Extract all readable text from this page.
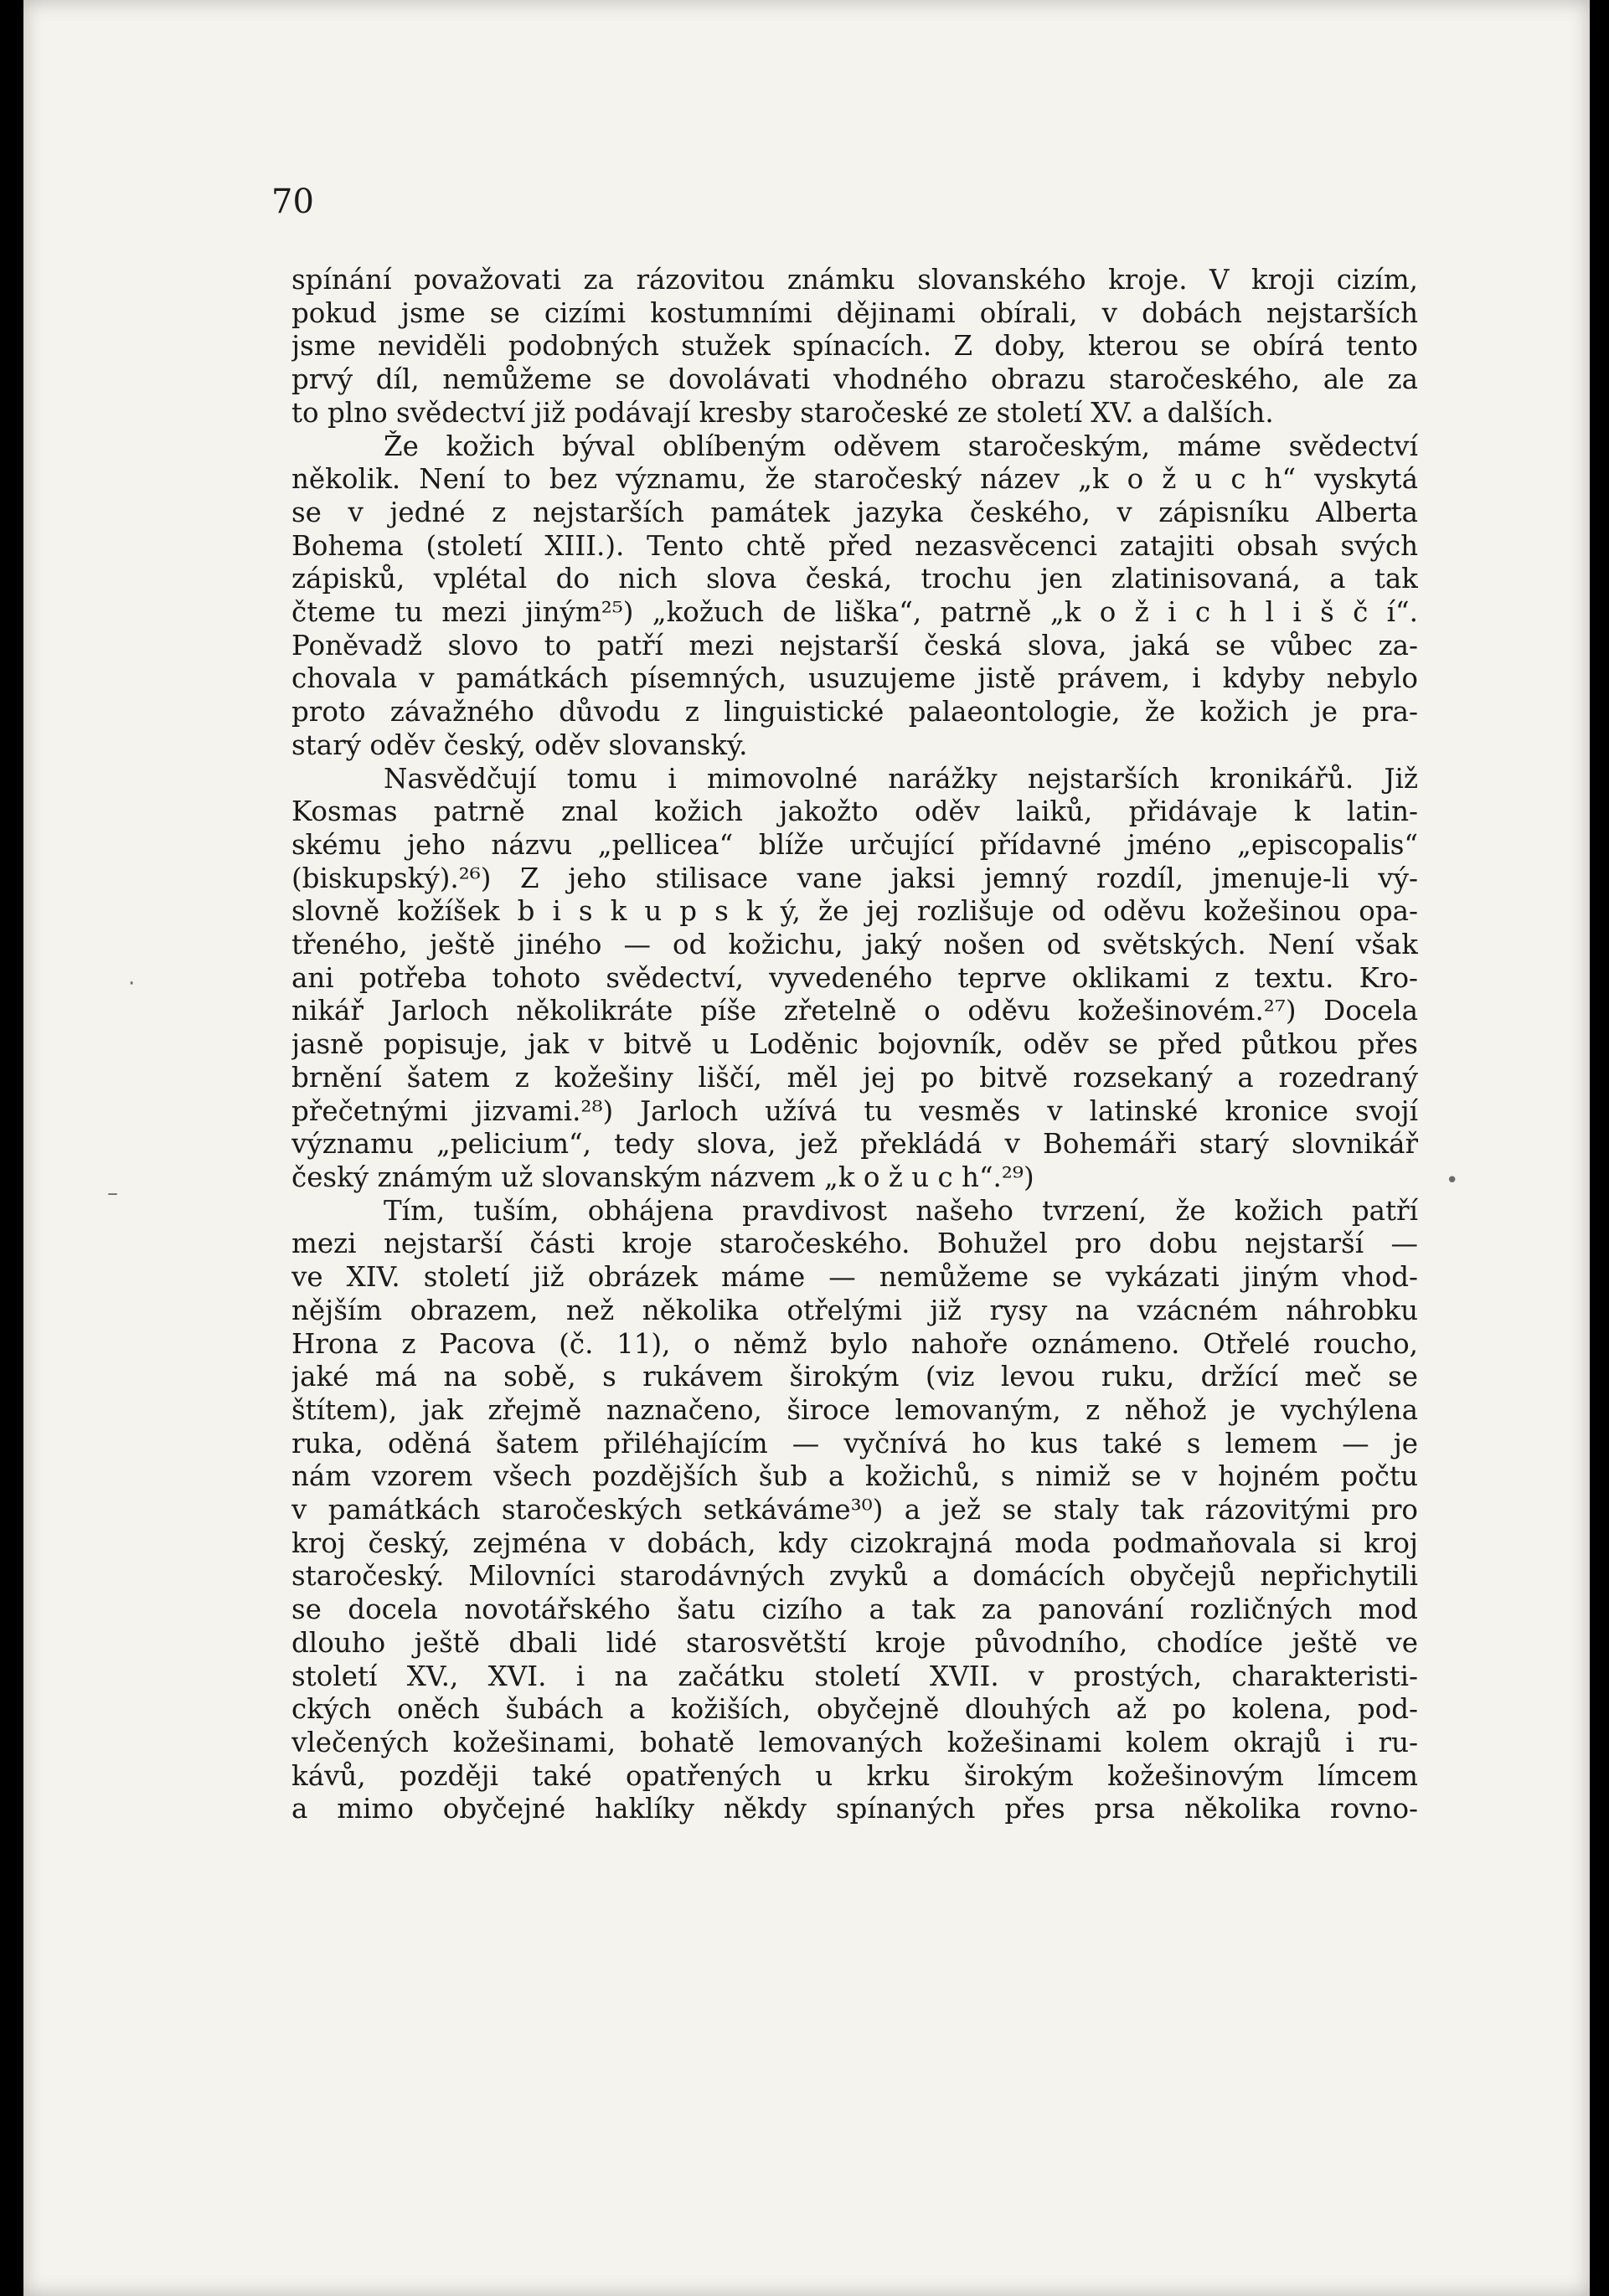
70
spínání považovati za rázovitou známku slovanského kroje. V kroji cizím,
pokud jsme se cizími kostumními dějinami obírali, v dobách nejstarších
jsme neviděli podobných stužek spínacích. Z doby, kterou se obírá tento
prvý díl, nemůžeme se dovolávati vhodného obrazu staročeského, ale za
to plno svědectví již podávají kresby staročeské ze století XV. a dalších.
Že kožich býval oblíbeným oděvem staročeským, máme svědectví
několik. Není to bez významu, že staročeský název „k o ž u c h“ vyskytá
se v jedné z nejstarších památek jazyka českého, v zápisníku Alberta
Bohema (století XIII.). Tento chtě před nezasvěcenci zatajiti obsah svých
zápisků, vplétal do nich slova česká, trochu jen zlatinisovaná, a tak
čteme tu mezi jiným²⁵) „kožuch de liška“, patrně „k o ž i c h l i š č í“.
Poněvadž slovo to patří mezi nejstarší česká slova, jaká se vůbec za-
chovala v památkách písemných, usuzujeme jistě právem, i kdyby nebylo
proto závažného důvodu z linguistické palaeontologie, že kožich je pra-
starý oděv český, oděv slovanský.
Nasvědčují tomu i mimovolné narážky nejstarších kronikářů. Již
Kosmas patrně znal kožich jakožto oděv laiků, přidávaje k latin-
skému jeho názvu „pellicea“ blíže určující přídavné jméno „episcopalis“
(biskupský).²⁶) Z jeho stilisace vane jaksi jemný rozdíl, jmenuje-li vý-
slovně kožíšek b i s k u p s k ý, že jej rozlišuje od oděvu kožešinou opa-
třeného, ještě jiného — od kožichu, jaký nošen od světských. Není však
ani potřeba tohoto svědectví, vyvedeného teprve oklikami z textu. Kro-
nikář Jarloch několikráte píše zřetelně o oděvu kožešinovém.²⁷) Docela
jasně popisuje, jak v bitvě u Loděnic bojovník, oděv se před půtkou přes
brnění šatem z kožešiny liščí, měl jej po bitvě rozsekaný a rozedraný
přečetnými jizvami.²⁸) Jarloch užívá tu vesměs v latinské kronice svojí
významu „pelicium“, tedy slova, jež překládá v Bohemáři starý slovnikář
český známým už slovanským názvem „k o ž u c h“.²⁹)
Tím, tuším, obhájena pravdivost našeho tvrzení, že kožich patří
mezi nejstarší části kroje staročeského. Bohužel pro dobu nejstarší —
ve XIV. století již obrázek máme — nemůžeme se vykázati jiným vhod-
nějším obrazem, než několika otřelými již rysy na vzácném náhrobku
Hrona z Pacova (č. 11), o němž bylo nahoře oznámeno. Otřelé roucho,
jaké má na sobě, s rukávem širokým (viz levou ruku, držící meč se
štítem), jak zřejmě naznačeno, široce lemovaným, z něhož je vychýlena
ruka, oděná šatem přiléhajícím — vyčnívá ho kus také s lemem — je
nám vzorem všech pozdějších šub a kožichů, s nimiž se v hojném počtu
v památkách staročeských setkáváme³⁰) a jež se staly tak rázovitými pro
kroj český, zejména v dobách, kdy cizokrajná moda podmaňovala si kroj
staročeský. Milovníci starodávných zvyků a domácích obyčejů nepřichytili
se docela novotářského šatu cizího a tak za panování rozličných mod
dlouho ještě dbali lidé starosvětští kroje původního, chodíce ještě ve
století XV., XVI. i na začátku století XVII. v prostých, charakteristi-
ckých oněch šubách a kožiších, obyčejně dlouhých až po kolena, pod-
vlečených kožešinami, bohatě lemovaných kožešinami kolem okrajů i ru-
kávů, později také opatřených u krku širokým kožešinovým límcem
a mimo obyčejné haklíky někdy spínaných přes prsa několika rovno-
·
•
–
